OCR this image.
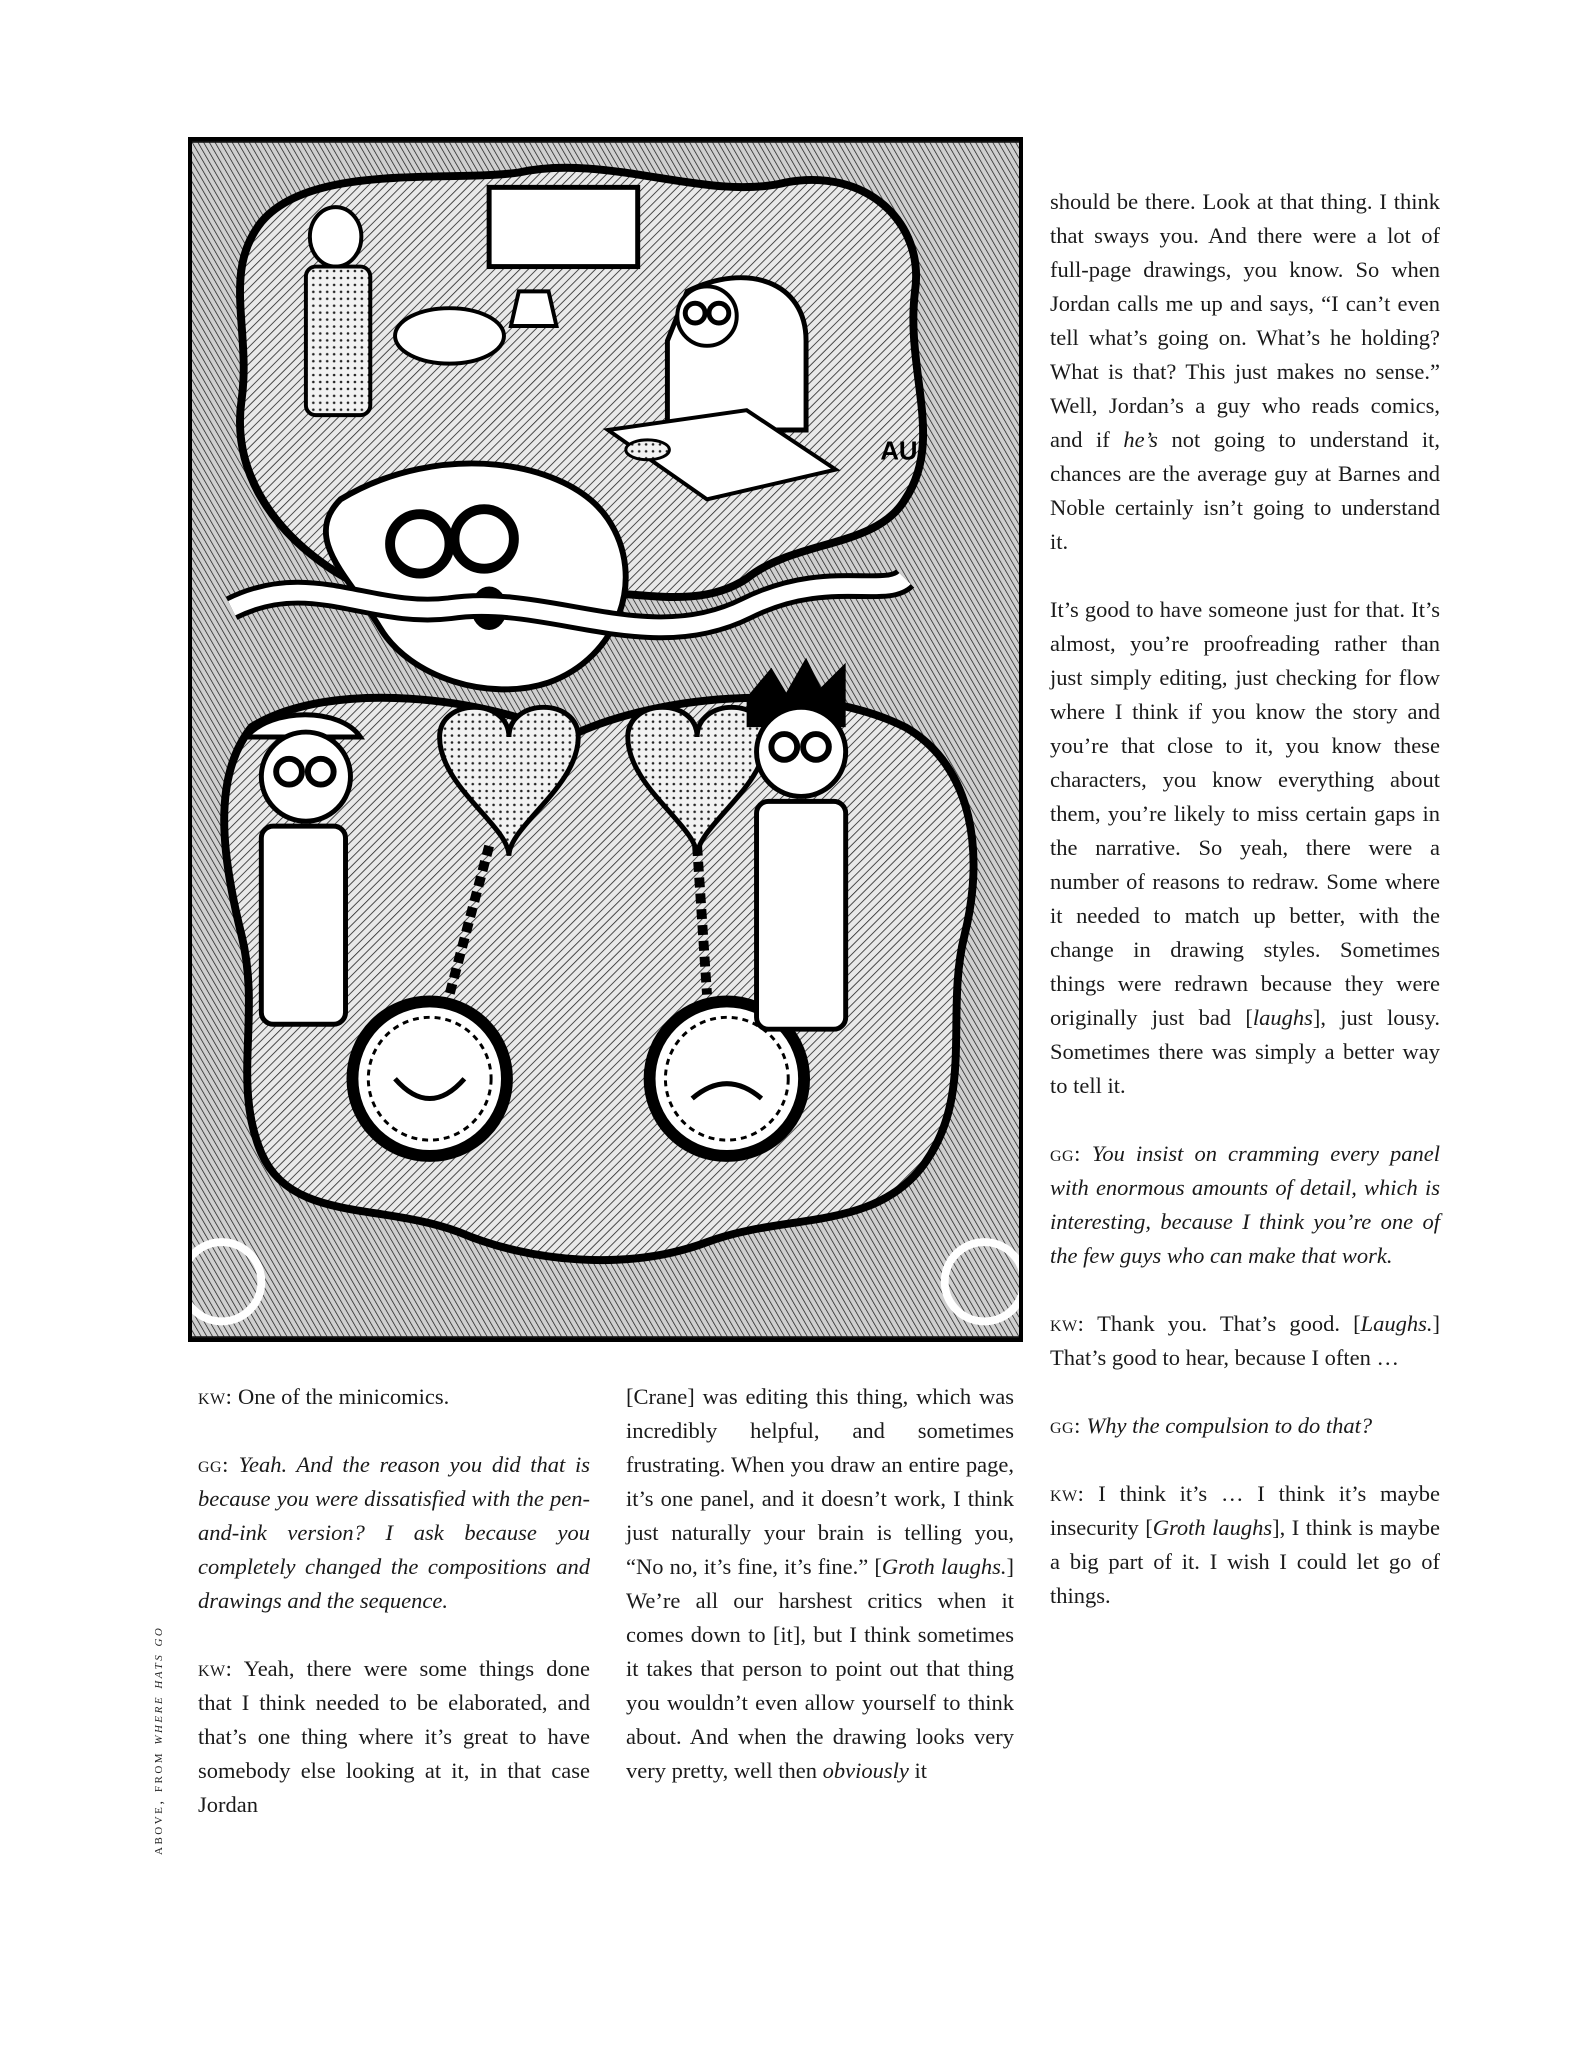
AU
above, from where hats go

kw: One of the minicomics.

gg: Yeah. And the reason you did that is because you were dissatisfied with the pen-and-ink version? I ask because you completely changed the compositions and drawings and the sequence.

kw: Yeah, there were some things done that I think needed to be elaborated, and that’s one thing where it’s great to have somebody else looking at it, in that case Jordan

[Crane] was editing this thing, which was incredibly helpful, and sometimes frustrating. When you draw an entire page, it’s one panel, and it doesn’t work, I think just naturally your brain is telling you, “No no, it’s fine, it’s fine.” [Groth laughs.] We’re all our harshest critics when it comes down to [it], but I think sometimes it takes that person to point out that thing you wouldn’t even allow yourself to think about. And when the drawing looks very very pretty, well then obviously it

should be there. Look at that thing. I think that sways you. And there were a lot of full-page drawings, you know. So when Jordan calls me up and says, “I can’t even tell what’s going on. What’s he holding? What is that? This just makes no sense.” Well, Jordan’s a guy who reads comics, and if he’s not going to understand it, chances are the average guy at Barnes and Noble certainly isn’t going to understand it.

It’s good to have someone just for that. It’s almost, you’re proofreading rather than just simply editing, just checking for flow where I think if you know the story and you’re that close to it, you know these characters, you know everything about them, you’re likely to miss certain gaps in the narrative. So yeah, there were a number of reasons to redraw. Some where it needed to match up better, with the change in drawing styles. Sometimes things were redrawn because they were originally just bad [laughs], just lousy. Sometimes there was simply a better way to tell it.

gg: You insist on cramming every panel with enormous amounts of detail, which is interesting, because I think you’re one of the few guys who can make that work.

kw: Thank you. That’s good. [Laughs.] That’s good to hear, because I often …

gg: Why the compulsion to do that?

kw: I think it’s … I think it’s maybe insecurity [Groth laughs], I think is maybe a big part of it. I wish I could let go of things.
